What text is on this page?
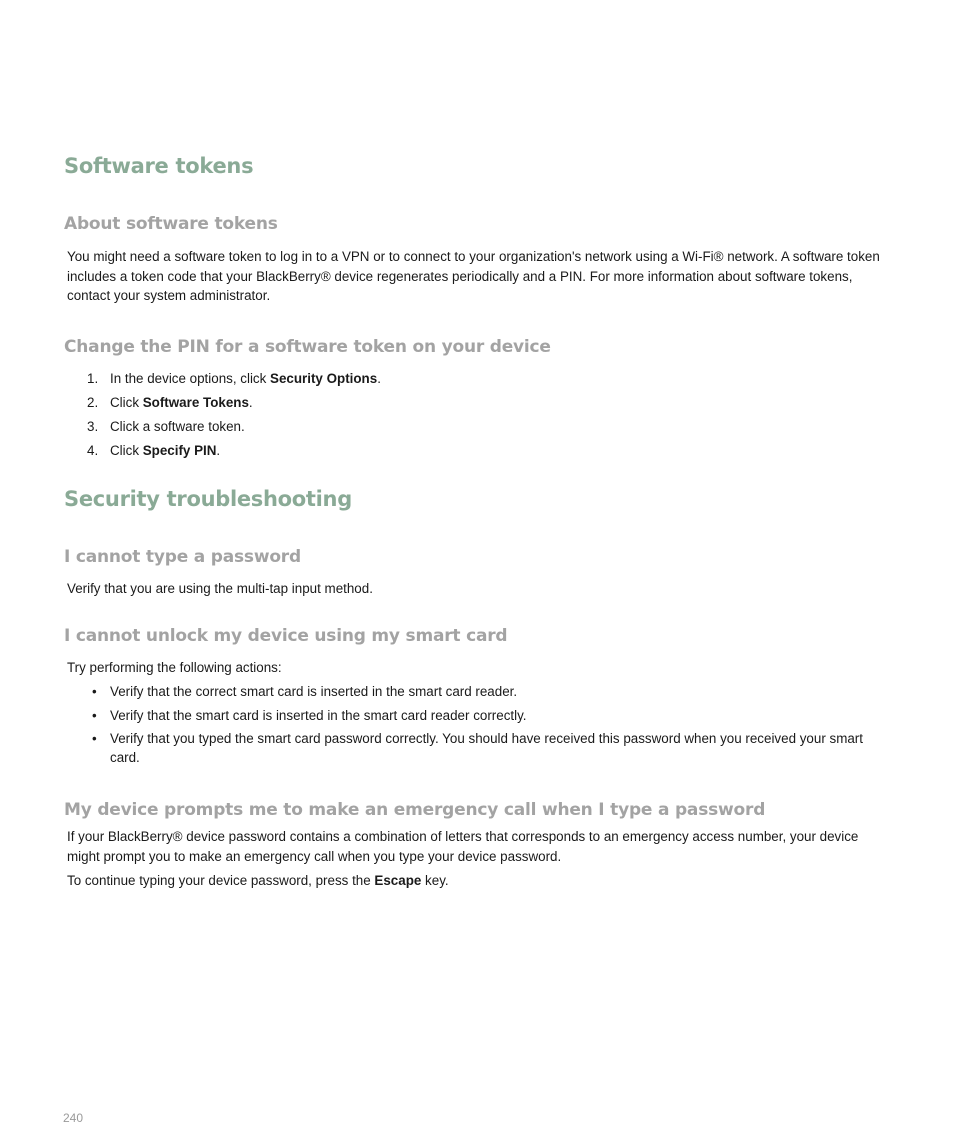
Software tokens
About software tokens
You might need a software token to log in to a VPN or to connect to your organization's network using a Wi-Fi® network. A software token
includes a token code that your BlackBerry® device regenerates periodically and a PIN. For more information about software tokens,
contact your system administrator.
Change the PIN for a software token on your device
1. In the device options, click Security Options.
2. Click Software Tokens.
3. Click a software token.
4. Click Specify PIN.
Security troubleshooting
I cannot type a password
Verify that you are using the multi-tap input method.
I cannot unlock my device using my smart card
Try performing the following actions:
• Verify that the correct smart card is inserted in the smart card reader.
• Verify that the smart card is inserted in the smart card reader correctly.
• Verify that you typed the smart card password correctly. You should have received this password when you received your smart
card.
My device prompts me to make an emergency call when I type a password
If your BlackBerry® device password contains a combination of letters that corresponds to an emergency access number, your device
might prompt you to make an emergency call when you type your device password.
To continue typing your device password, press the Escape key.
240
